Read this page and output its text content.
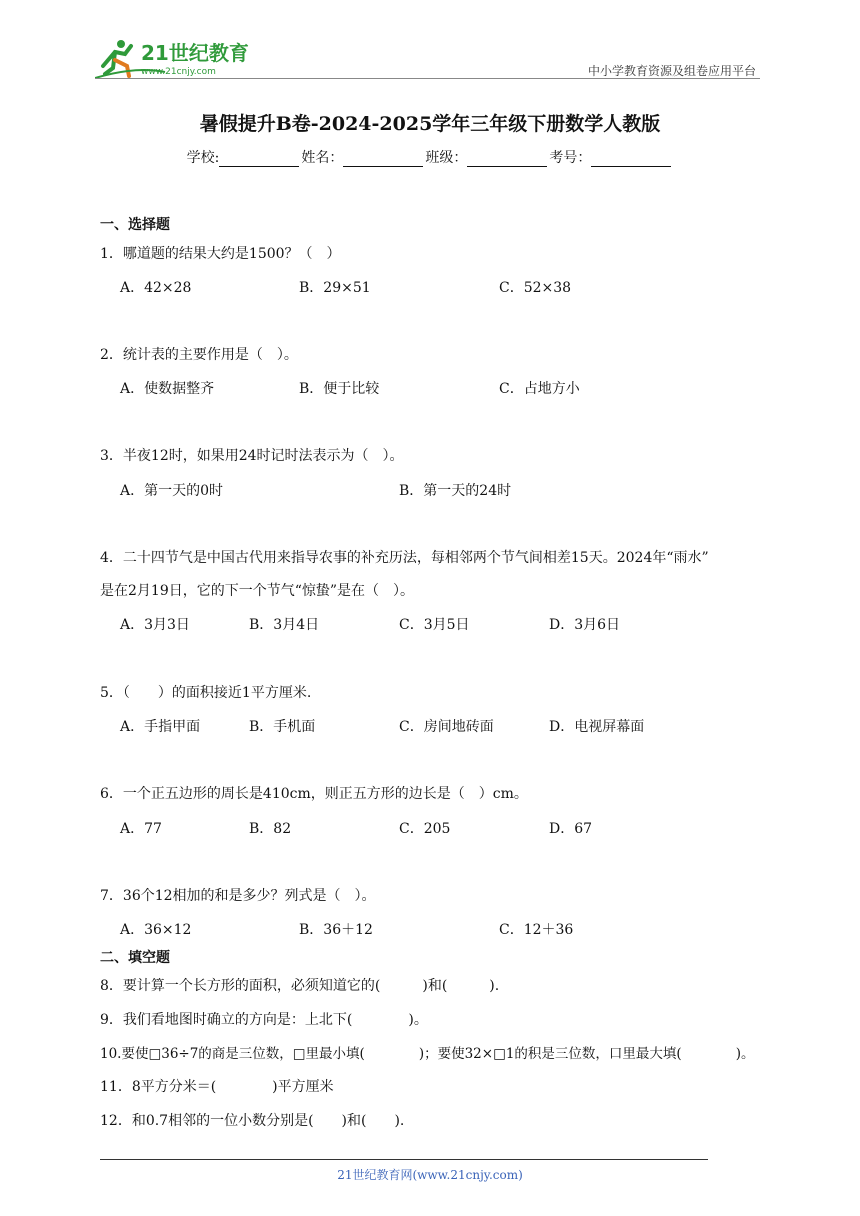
21世纪教育
www.21cnjy.com	中小学教育资源及组卷应用平台
暑假提升B卷-2024-2025学年三年级下册数学人教版
学校:	姓名：	班级：	考号：
一、选择题
1．哪道题的结果大约是1500？（　）
A．42×28	B．29×51	C．52×38
2．统计表的主要作用是（　）。
A．使数据整齐	B．便于比较	C．占地方小
3．半夜12时，如果用24时记时法表示为（　）。
A．第一天的0时	B．第一天的24时
4．二十四节气是中国古代用来指导农事的补充历法，每相邻两个节气间相差15天。2024年“雨水”
是在2月19日，它的下一个节气“惊蛰”是在（　）。
A．3月3日	B．3月4日	C．3月5日	D．3月6日
5．（　　）的面积接近1平方厘米.
A．手指甲面	B．手机面	C．房间地砖面	D．电视屏幕面
6．一个正五边形的周长是410cm，则正五方形的边长是（　）cm。
A．77	B．82	C．205	D．67
7．36个12相加的和是多少？列式是（　）。
A．36×12	B．36＋12	C．12＋36
二、填空题
8．要计算一个长方形的面积，必须知道它的(　　　)和(　　　).
9．我们看地图时确立的方向是：上北下(　　　　)。
10.要使□36÷7的商是三位数，□里最小填(　　　　)；要使32×□1的积是三位数，口里最大填(　　　　)。
11．8平方分米＝(　　　　)平方厘米
12．和0.7相邻的一位小数分别是(　　)和(　　).
21世纪教育网(www.21cnjy.com)
